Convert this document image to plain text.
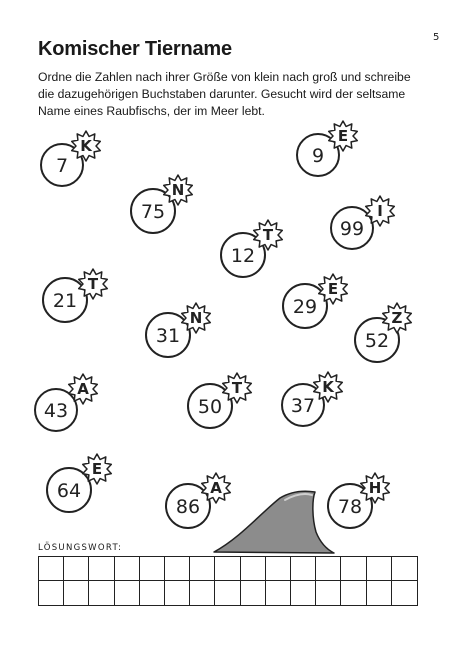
5
Komischer Tiername
Ordne die Zahlen nach ihrer Größe von klein nach groß und schreibe die dazugehörigen Buchstaben darunter. Gesucht wird der seltsame Name eines Raubfischs, der im Meer lebt.
K
7
E
9
N
75
T
12
I
99
T
21
E
29
N
31
Z
52
A
43
T
50
K
37
E
64	A
86
H
78
LÖSUNGSWORT:
